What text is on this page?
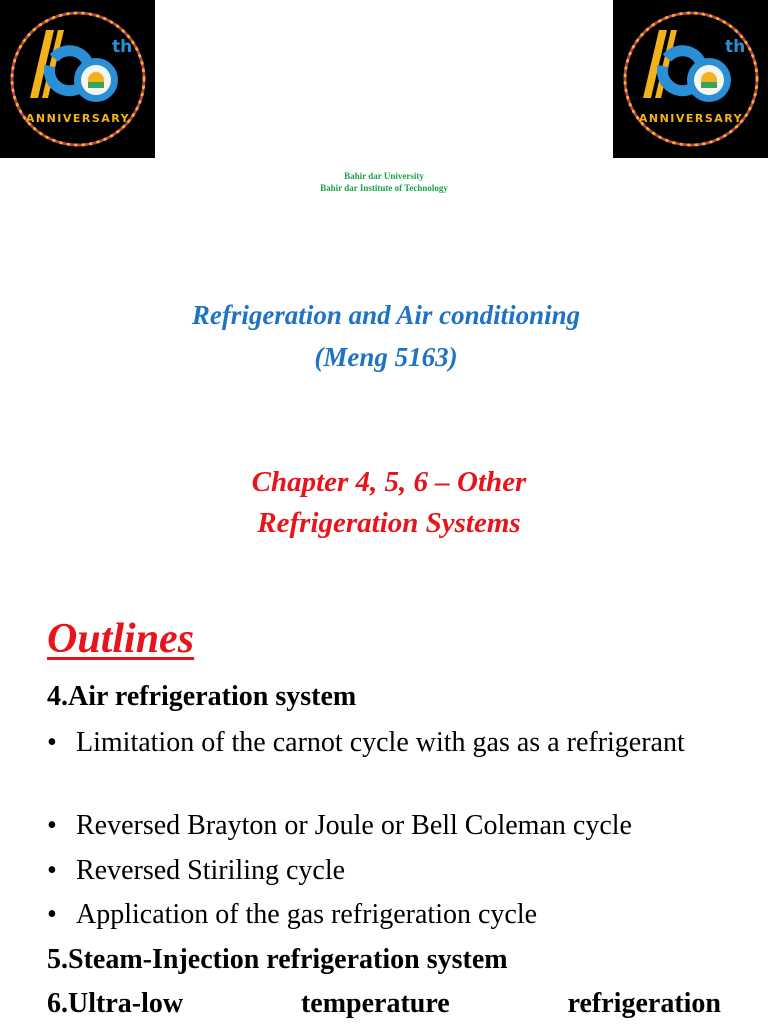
th
ANNIVERSARY
th
ANNIVERSARY
Bahir dar University
Bahir dar Institute of Technology
Refrigeration and Air conditioning
(Meng 5163)
Chapter 4, 5, 6 – Other
Refrigeration Systems
Outlines
4.Air refrigeration system
• Limitation of the carnot cycle with gas as a refrigerant
• Reversed Brayton or Joule or Bell Coleman cycle
• Reversed Stiriling cycle
• Application of the gas refrigeration cycle
5.Steam-Injection refrigeration system
6.Ultra-low	temperature	refrigeration
